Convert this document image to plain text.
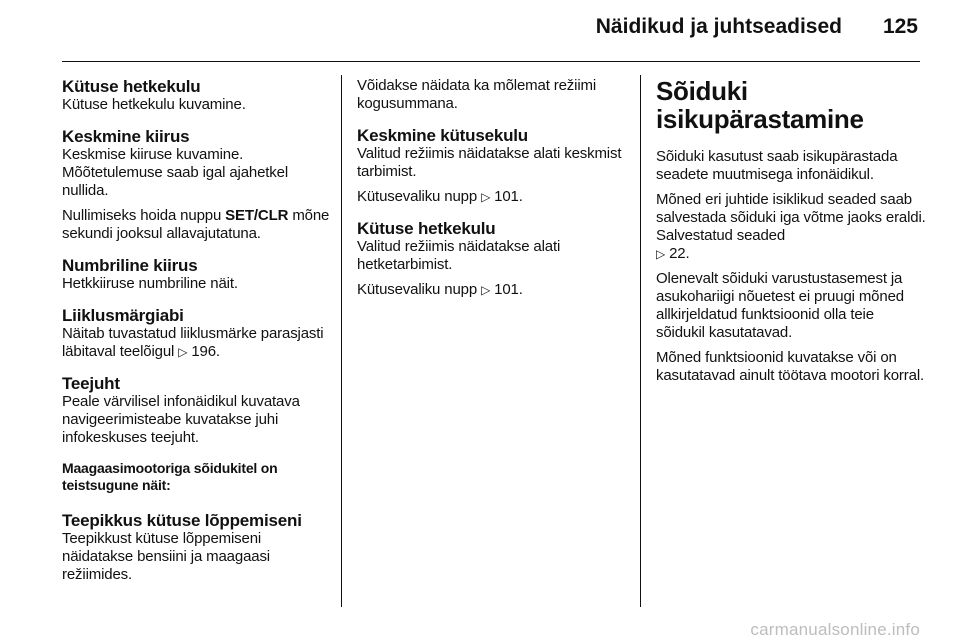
Näidikud ja juhtseadised	125
Kütuse hetkekulu

Kütuse hetkekulu kuvamine.

Keskmine kiirus

Keskmise kiiruse kuvamine. Mõõtetulemuse saab igal ajahetkel nullida.

Nullimiseks hoida nuppu SET/CLR mõne sekundi jooksul allavajutatuna.

Numbriline kiirus

Hetkkiiruse numbriline näit.

Liiklusmärgiabi

Näitab tuvastatud liiklusmärke parasjasti läbitaval teelõigul ▷ 196.

Teejuht

Peale värvilisel infonäidikul kuvatava navigeerimisteabe kuvatakse juhi infokeskuses teejuht.

Maagaasimootoriga sõidukitel on teistsugune näit:
Teepikkus kütuse lõppemiseni

Teepikkust kütuse lõppemiseni näidatakse bensiini ja maagaasi režiimides.

Võidakse näidata ka mõlemat režiimi kogusummana.

Keskmine kütusekulu

Valitud režiimis näidatakse alati keskmist tarbimist.

Kütusevaliku nupp ▷ 101.

Kütuse hetkekulu

Valitud režiimis näidatakse alati hetketarbimist.

Kütusevaliku nupp ▷ 101.

Sõiduki isikupärastamine

Sõiduki kasutust saab isikupärastada seadete muutmisega infonäidikul.

Mõned eri juhtide isiklikud seaded saab salvestada sõiduki iga võtme jaoks eraldi. Salvestatud seaded
▷ 22.

Olenevalt sõiduki varustustasemest ja asukohariigi nõuetest ei pruugi mõned allkirjeldatud funktsioonid olla teie sõidukil kasutatavad.

Mõned funktsioonid kuvatakse või on kasutatavad ainult töötava mootori korral.

carmanualsonline.info
